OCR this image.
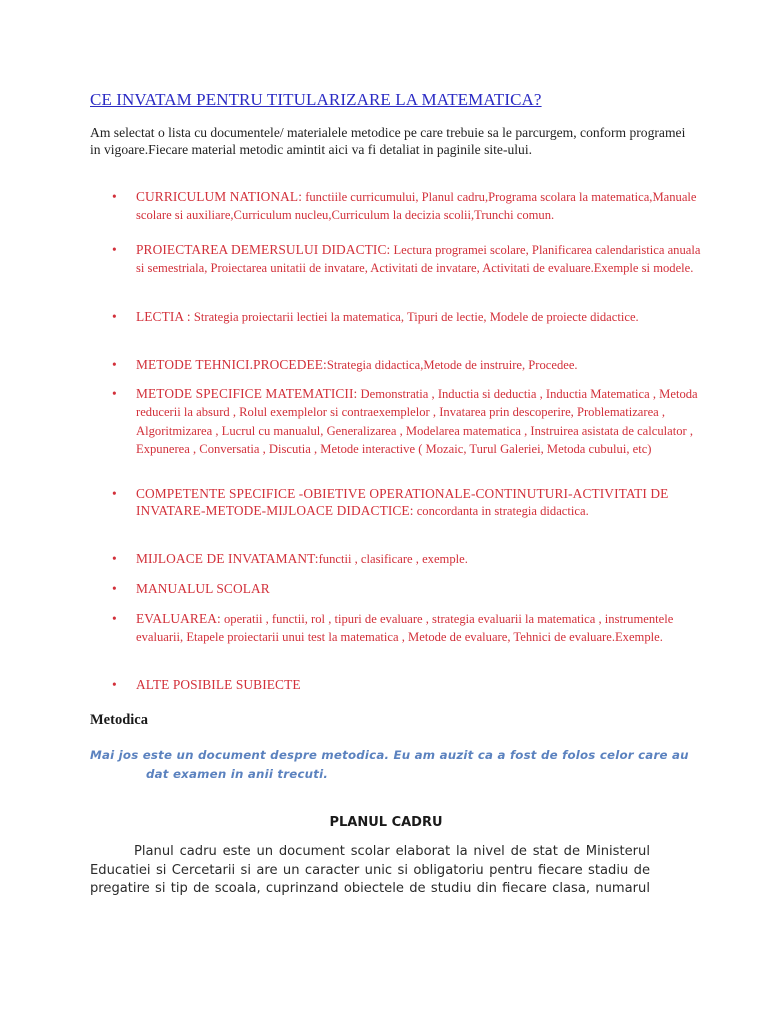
CE INVATAM PENTRU TITULARIZARE LA MATEMATICA?

Am selectat o lista cu documentele/ materialele metodice pe care trebuie sa le parcurgem, conform programei in vigoare.Fiecare material metodic amintit aici va fi detaliat in paginile site-ului.

• CURRICULUM NATIONAL: functiile curricumului, Planul cadru,Programa scolara la matematica,Manuale scolare si auxiliare,Curriculum nucleu,Curriculum la decizia scolii,Trunchi comun.
• PROIECTAREA DEMERSULUI DIDACTIC: Lectura programei scolare, Planificarea calendaristica anuala si semestriala, Proiectarea unitatii de invatare, Activitati de invatare, Activitati de evaluare.Exemple si modele.
• LECTIA : Strategia proiectarii lectiei la matematica, Tipuri de lectie, Modele de proiecte didactice.
• METODE TEHNICI.PROCEDEE:Strategia didactica,Metode de instruire, Procedee.
• METODE SPECIFICE MATEMATICII: Demonstratia , Inductia si deductia , Inductia Matematica , Metoda reducerii la absurd , Rolul exemplelor si contraexemplelor , Invatarea prin descoperire, Problematizarea , Algoritmizarea , Lucrul cu manualul, Generalizarea , Modelarea matematica , Instruirea asistata de calculator , Expunerea , Conversatia , Discutia , Metode interactive ( Mozaic, Turul Galeriei, Metoda cubului, etc)
• COMPETENTE SPECIFICE -OBIETIVE OPERATIONALE-CONTINUTURI-ACTIVITATI DE INVATARE-METODE-MIJLOACE DIDACTICE: concordanta in strategia didactica.
• MIJLOACE DE INVATAMANT:functii , clasificare , exemple.
• MANUALUL SCOLAR
• EVALUAREA: operatii , functii, rol , tipuri de evaluare , strategia evaluarii la matematica , instrumentele evaluarii, Etapele proiectarii unui test la matematica , Metode de evaluare, Tehnici de evaluare.Exemple.
• ALTE POSIBILE SUBIECTE
Metodica

Mai jos este un document despre metodica. Eu am auzit ca a fost de folos celor care au
dat examen in anii trecuti.

PLANUL CADRU

Planul cadru este un document scolar elaborat la nivel de stat de Ministerul Educatiei si Cercetarii si are un caracter unic si obligatoriu pentru fiecare stadiu de pregatire si tip de scoala, cuprinzand obiectele de studiu din fiecare clasa, numarul
